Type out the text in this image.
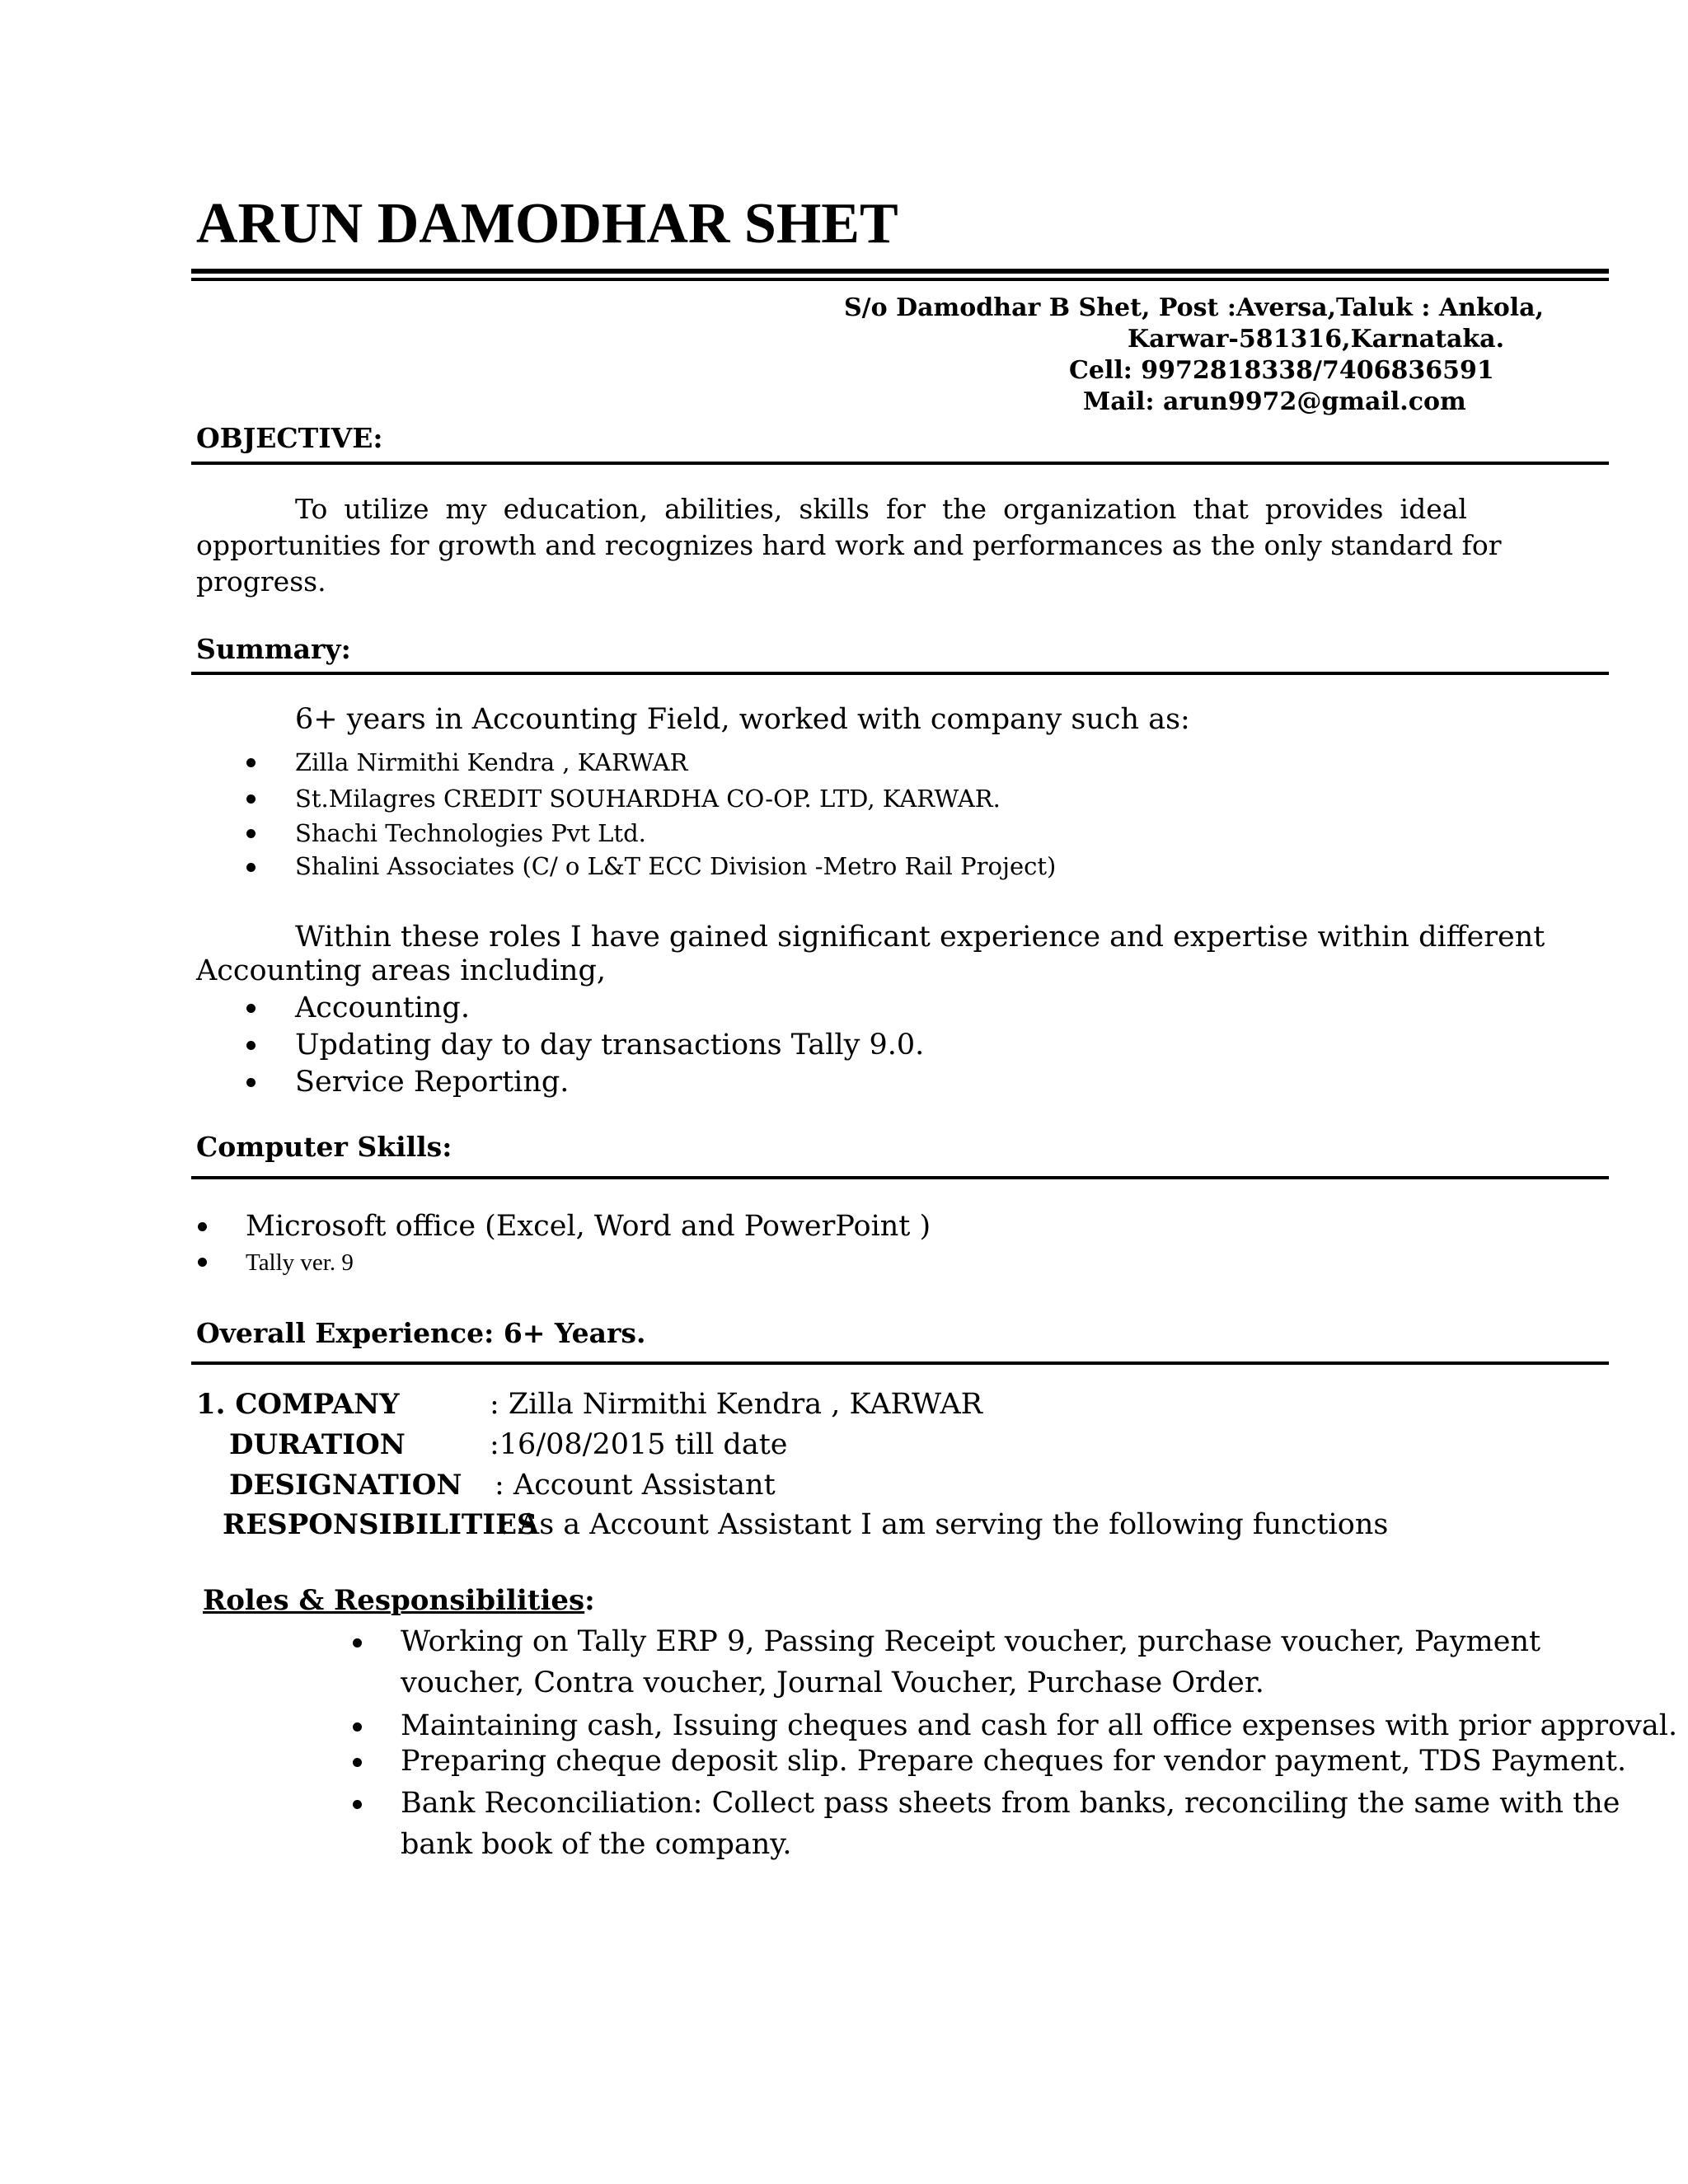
ARUN DAMODHAR SHET
S/o Damodhar B Shet, Post :Aversa,Taluk : Ankola,
Karwar-581316,Karnataka.
Cell: 9972818338/7406836591
Mail: arun9972@gmail.com
OBJECTIVE:
To utilize my education, abilities, skills for the organization that provides ideal
opportunities for growth and recognizes hard work and performances as the only standard for
progress.
Summary:
6+ years in Accounting Field, worked with company such as:
Zilla Nirmithi Kendra , KARWAR
St.Milagres CREDIT SOUHARDHA CO-OP. LTD, KARWAR.
Shachi Technologies Pvt Ltd.
Shalini Associates (C/ o L&T ECC Division -Metro Rail Project)
Within these roles I have gained significant experience and expertise within different
Accounting areas including,
Accounting.
Updating day to day transactions Tally 9.0.
Service Reporting.
Computer Skills:
Microsoft office (Excel, Word and PowerPoint )
Tally ver. 9
Overall Experience: 6+ Years.
1. COMPANY	: Zilla Nirmithi Kendra , KARWAR
DURATION	:16/08/2015 till date
DESIGNATION : Account Assistant
RESPONSIBILITIES
: As a Account Assistant I am serving the following functions
Roles & Responsibilities:
Working on Tally ERP 9, Passing Receipt voucher, purchase voucher, Payment
voucher, Contra voucher, Journal Voucher, Purchase Order.
Maintaining cash, Issuing cheques and cash for all office expenses with prior approval.
Preparing cheque deposit slip. Prepare cheques for vendor payment, TDS Payment.
Bank Reconciliation: Collect pass sheets from banks, reconciling the same with the
bank book of the company.
